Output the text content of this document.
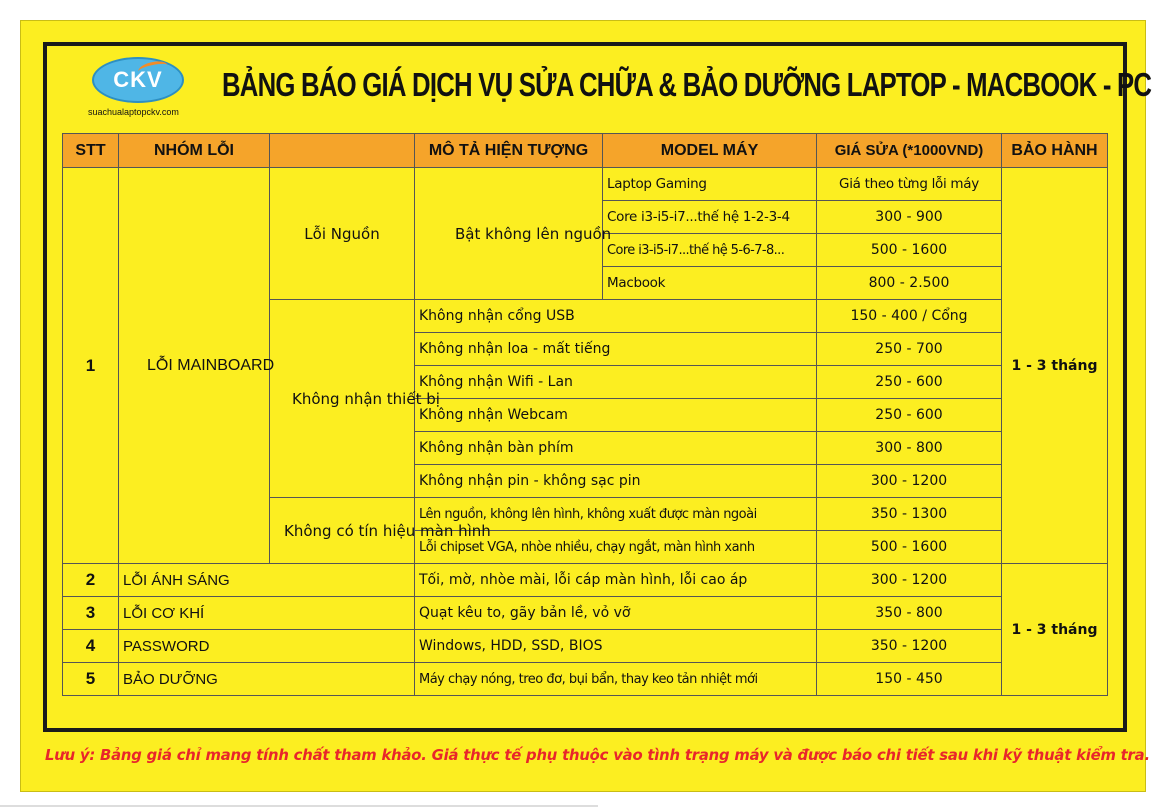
CKV
suachualaptopckv.com
BẢNG BÁO GIÁ DỊCH VỤ SỬA CHỮA & BẢO DƯỠNG LAPTOP - MACBOOK - PC
STT	NHÓM LỖI		MÔ TẢ HIỆN TƯỢNG	MODEL MÁY	GIÁ SỬA (*1000VND)	BẢO HÀNH
1	LỖI MAINBOARD	Lỗi Nguồn	Bật không lên nguồn	Laptop Gaming	Giá theo từng lỗi máy	1 - 3 tháng
				Core i3-i5-i7...thế hệ 1-2-3-4	300 - 900	
				Core i3-i5-i7...thế hệ 5-6-7-8...	500 - 1600	
				Macbook	800 - 2.500	
		Không nhận thiết bị	Không nhận cổng USB		150 - 400 / Cổng	
			Không nhận loa - mất tiếng		250 - 700	
			Không nhận Wifi - Lan		250 - 600	
			Không nhận Webcam		250 - 600	
			Không nhận bàn phím		300 - 800	
			Không nhận pin - không sạc pin		300 - 1200	
		Không có tín hiệu màn hình	Lên nguồn, không lên hình, không xuất được màn ngoài		350 - 1300	
			Lỗi chipset VGA, nhòe nhiều, chạy ngắt, màn hình xanh		500 - 1600	
2	LỖI ÁNH SÁNG		Tối, mờ, nhòe mài, lỗi cáp màn hình, lỗi cao áp		300 - 1200	1 - 3 tháng
3	LỖI CƠ KHÍ		Quạt kêu to, gãy bản lề, vỏ vỡ		350 - 800	
4	PASSWORD		Windows, HDD, SSD, BIOS		350 - 1200	
5	BẢO DƯỠNG		Máy chạy nóng, treo đơ, bụi bẩn, thay keo tản nhiệt mới		150 - 450	
Lưu ý: Bảng giá chỉ mang tính chất tham khảo. Giá thực tế phụ thuộc vào tình trạng máy và được báo chi tiết sau khi kỹ thuật kiểm tra.
